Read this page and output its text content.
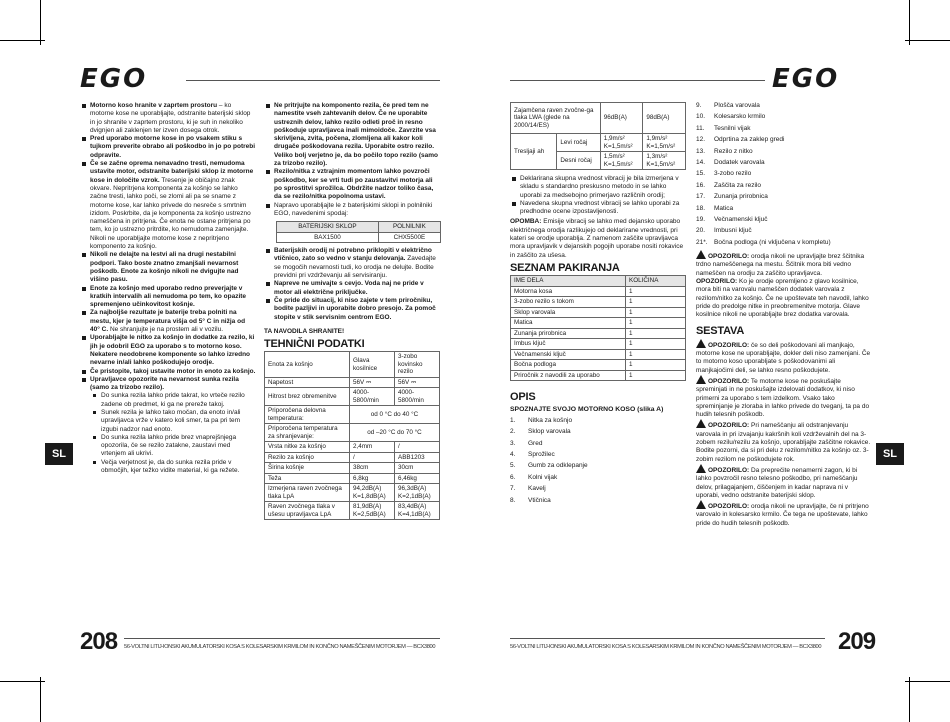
EGO	EGO
SL	SL
208 56-VOLTNI LITIJ-IONSKI AKUMULATORSKI KOSA S KOLESARSKIM KRMILOM IN KONČNO NAMEŠČENIM MOTORJEM — BCX3800	209
56-VOLTNI LITIJ-IONSKI AKUMULATORSKI KOSA S KOLESARSKIM KRMILOM IN KONČNO NAMEŠČENIM MOTORJEM — BCX3800

Motorno koso hranite v zaprtem prostoru – ko motorne kose ne uporabljajte, odstranite baterijski sklop in jo shranite v zaprtem prostoru, ki je suh in nekoliko dvignjen ali zaklenjen ter izven dosega otrok.

Pred uporabo motorne kose in po vsakem stiku s tujkom preverite obrabo ali poškodbo in jo po potrebi odpravite.

Če se začne oprema nenavadno tresti, nemudoma ustavite motor, odstranite baterijski sklop iz motorne kose in določite vzrok. Tresenje je običajno znak okvare. Nepritrjena komponenta za košnjo se lahko začne tresti, lahko poči, se zlomi ali pa se sname z motorne kose, kar lahko privede do nesreče s smrtnim izidom. Poskrbite, da je komponenta za košnjo ustrezno nameščena in pritrjena. Če enota ne ostane pritrjena po tem, ko jo ustrezno pritrdite, ko nemudoma zamenjajte. Nikoli ne uporabljajte motorne kose z nepritrjeno komponento za košnjo.

Nikoli ne delajte na lestvi ali na drugi nestabilni podpori. Tako boste znatno zmanjšali nevarnost poškodb. Enote za košnjo nikoli ne dvigujte nad višino pasu.

Enote za košnjo med uporabo redno preverjajte v kratkih intervalih ali nemudoma po tem, ko opazite spremenjeno učinkovitost košnje.

Za najboljše rezultate je baterije treba polniti na mestu, kjer je temperatura višja od 5° C in nižja od 40° C. Ne shranjujte je na prostem ali v vozilu.

Uporabljajte le nitko za košnjo in dodatke za rezilo, ki jih je odobril EGO za uporabo s to motorno koso. Nekatere neodobrene komponente so lahko izredno nevarne in/ali lahko poškodujejo orodje.

Če pristopite, takoj ustavite motor in enoto za košnjo.

Upravljavce opozorite na nevarnost sunka rezila (samo za trizobo rezilo).

Do sunka rezila lahko pride takrat, ko vrteče rezilo zadene ob predmet, ki ga ne prereže takoj.

Sunek rezila je lahko tako močan, da enoto in/ali upravljavca vrže v katero koli smer, ta pa pri tem izgubi nadzor nad enoto.

Do sunka rezila lahko pride brez vnaprejšnjega opozorila, če se rezilo zatakne, zaustavi med vrtenjem ali ukrivi.

Večja verjetnost je, da do sunka rezila pride v območjih, kjer težko vidite material, ki ga režete.

Ne pritrjujte na komponento rezila, če pred tem ne namestite vseh zahtevanih delov. Če ne uporabite ustreznih delov, lahko rezilo odleti proč in resno poškoduje upravljavca inali mimoidoče. Zavrzite vsa skrivljena, zvita, počena, zlomljena ali kakor koli drugače poškodovana rezila. Uporabite ostro rezilo. Veliko bolj verjetno je, da bo počilo topo rezilo (samo za trizobo rezilo).

Rezilo/nitka z vztrajnim momentom lahko povzroči poškodbo, ker se vrti tudi po zaustavitvi motorja ali po sprostitvi sprožilca. Obdržite nadzor toliko časa, da se rezilo/nitka popolnoma ustavi.

Napravo uporabljajte le z baterijskimi sklopi in polnilniki EGO, navedenimi spodaj:

BATERIJSKI SKLOP	POLNILNIK
BAX1500	CHX5500E

Baterijskih orodij ni potrebno priklopiti v električno vtičnico, zato so vedno v stanju delovanja. Zavedajte se mogočih nevarnosti tudi, ko orodja ne delujte. Bodite previdni pri vzdrževanju ali servisiranju.

Napreve ne umivajte s cevjo. Voda naj ne pride v motor ali električne priključke.

Če pride do situacij, ki niso zajete v tem priročniku, bodite pazljivi in uporabite dobro presojo. Za pomoč stopite v stik servisnim centrom EGO.

TA NAVODILA SHRANITE!

TEHNIČNI PODATKI
Enota za košnjo	Glava kosilnice	3-zobo kovinsko rezilo
Napetost	56V ⎓	56V ⎓
Hitrost brez obremenitve	4000-5800/min	4000-5800/min
Priporočena delovna temperatura:	od 0 °C do 40 °C	
Priporočena temperatura za shranjevanje:	od –20 °C do 70 °C	
Vrsta nitke za košnjo	2,4mm	/
Rezilo za košnjo	/	ABB1203
Širina košnje	38cm	30cm
Teža	6,8kg	6,46kg
Izmerjena raven zvočnega tlaka LpA	94,2dB(A) K=1,8dB(A)	96,3dB(A) K=2,1dB(A)
Raven zvočnega tlaka v ušesu upravljavca LpA	81,9dB(A) K=2,5dB(A)	83,4dB(A) K=4,1dB(A)
Zajamčena raven zvočne-ga tlaka LWA (glede na 2000/14/ES)		96dB(A)	98dB(A)
Tresljaji ah	Levi ročaj	1,9m/s² K=1,5m/s²	1,9m/s² K=1,5m/s²
	Desni ročaj	1,5m/s² K=1,5m/s²	1,3m/s² K=1,5m/s²

Deklarirana skupna vrednost vibracij je bila izmerjena v skladu s standardno preskusno metodo in se lahko uporabi za medsebojno primerjavo različnih orodij;

Navedena skupna vrednost vibracij se lahko uporabi za predhodne ocene izpostavljenosti.

OPOMBA: Emisije vibracij se lahko med dejansko uporabo električnega orodja razlikujejo od deklarirane vrednosti, pri kateri se orodje uporablja. Z namenom zaščite upravljavca mora upravljavik v dejanskih pogojih uporabe nositi rokavice in zaščito za ušesa.

SEZNAM PAKIRANJA
IME DELA	KOLIČINA
Motorna kosa	1
3-zobo rezilo s tokom	1
Sklop varovala	1
Matica	1
Zunanja prirobnica	1
Imbus ključ	1
Večnamenski ključ	1
Bočna podloga	1
Priročnik z navodili za uporabo	1
OPIS
SPOZNAJTE SVOJO MOTORNO KOSO (slika A)
1.	Nitka za košnjo
2.	Sklop varovala
3.	Gred
4.	Sprožilec
5.	Gumb za odklepanje
6.	Kolni vijak
7.	Kavelj
8.	Vtičnica
9.	Ploščа varovala
10.	Kolesarsko krmilo
11.	Tesnilni vijak
12.	Odprtina za zaklep gredi
13.	Rezilo z nitko
14.	Dodatek varovala
15.	3-zobo rezilo
16.	Zaščita za rezilo
17.	Zunanja prirobnica
18.	Matica
19.	Večnamenski ključ
20.	Imbusni ključ
21*. Bočna podloga (ni vključena v kompletu)

OPOZORILO: orodja nikoli ne upravljajte brez ščitnika trdno nameščenega na mestu. Ščitnik mora biti vedno nameščen na orodju za zaščito upravljavca.

OPOZORILO: Ko je orodje opremljeno z glavo kosilnice, mora biti na varovalu nameščen dodatek varovala z rezilom/nitko za košnjo. Če ne upoštevate teh navodil, lahko pride do predolge nitke in preobremenitve motorja. Glave kosilnice nikoli ne uporabljajte brez dodatka varovala.

SESTAVA

OPOZORILO: če so deli poškodovani ali manjkajo, motorne kose ne uporabljajte, dokler deli niso zamenjani. Če to motorno koso uporabljate s poškodovanimi ali manjkajočimi deli, se lahko resno poškodujete.

OPOZORILO: Te motorne kose ne poskušajte spreminjati in ne poskušajte izdelovati dodatkov, ki niso primerni za uporabo s tem izdelkom. Vsako tako spreminjanje je zloraba in lahko privede do tveganj, ta pa do hudih telesnih poškodb.

OPOZORILO: Pri nameščanju ali odstranjevanju varovala in pri izvajanju kakršnih koli vzdrževalnih del na 3-zobem rezilu/rezilu za košnjo, uporabljajte zaščitne rokavice. Bodite pozorni, da si pri delu z rezilom/nitko za košnjo oz. 3-zobim rezilom ne poškodujete rok.

OPOZORILO: Da preprečite nenamerni zagon, ki bi lahko povzročil resno telesno poškodbo, pri nameščanju delov, prilagajanjem, čiščenjem in kadar naprava ni v uporabi, vedno odstranite baterijski sklop.

OPOZORILO: orodja nikoli ne upravljajte, če ni pritrjeno varovalo in kolesarsko krmilo. Če tega ne upoštevate, lahko pride do hudih telesnih poškodb.
